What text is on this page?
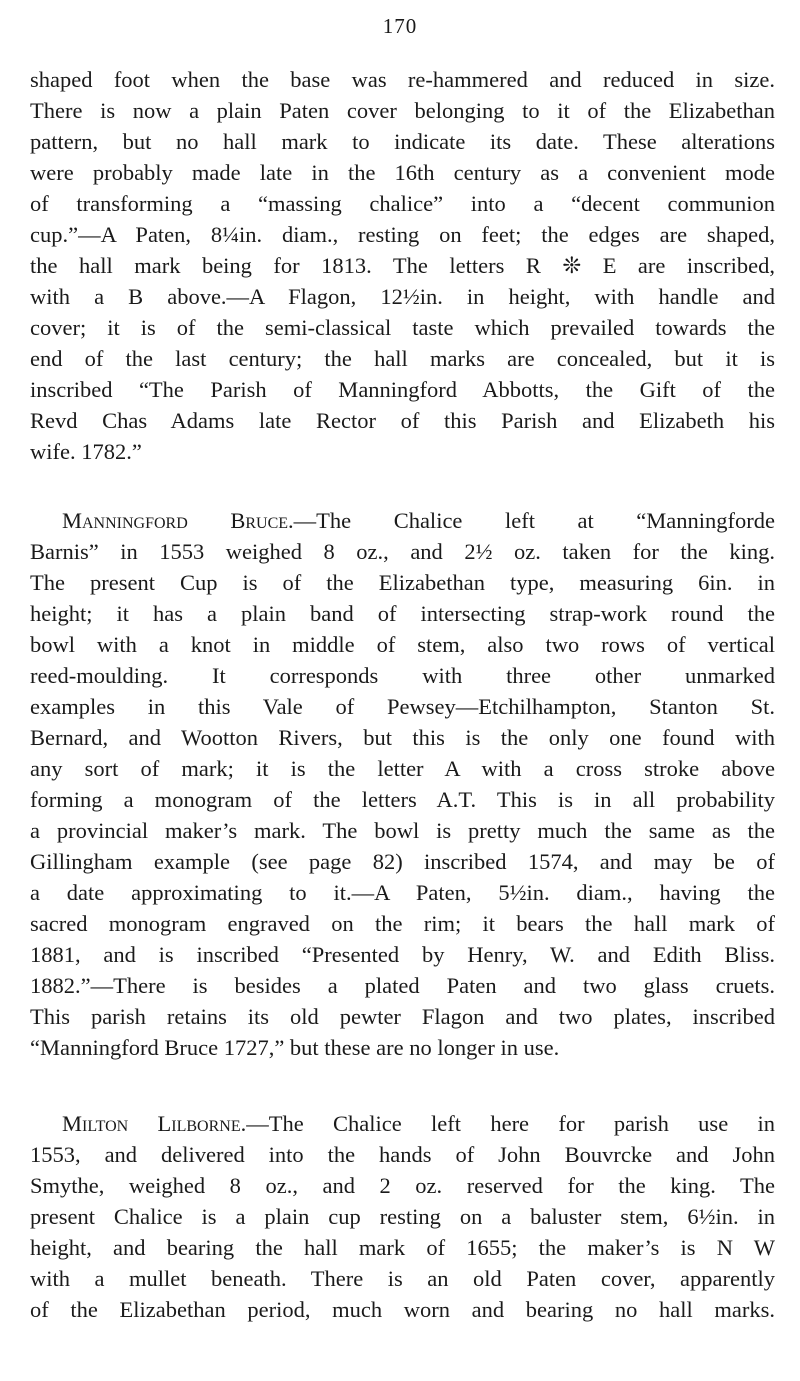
170
shaped foot when the base was re-hammered and reduced in size.
There is now a plain Paten cover belonging to it of the Elizabethan
pattern, but no hall mark to indicate its date. These alterations
were probably made late in the 16th century as a convenient mode
of transforming a “massing chalice” into a “decent communion
cup.”—A Paten, 8¼in. diam., resting on feet; the edges are shaped,
the hall mark being for 1813. The letters R ❊ E are inscribed,
with a B above.—A Flagon, 12½in. in height, with handle and
cover; it is of the semi-classical taste which prevailed towards the
end of the last century; the hall marks are concealed, but it is
inscribed “The Parish of Manningford Abbotts, the Gift of the
Revd Chas Adams late Rector of this Parish and Elizabeth his
wife. 1782.”
Manningford Bruce.—The Chalice left at “Manningforde
Barnis” in 1553 weighed 8 oz., and 2½ oz. taken for the king.
The present Cup is of the Elizabethan type, measuring 6in. in
height; it has a plain band of intersecting strap-work round the
bowl with a knot in middle of stem, also two rows of vertical
reed-moulding. It corresponds with three other unmarked
examples in this Vale of Pewsey—Etchilhampton, Stanton St.
Bernard, and Wootton Rivers, but this is the only one found with
any sort of mark; it is the letter A with a cross stroke above
forming a monogram of the letters A.T. This is in all probability
a provincial maker’s mark. The bowl is pretty much the same as the
Gillingham example (see page 82) inscribed 1574, and may be of
a date approximating to it.—A Paten, 5½in. diam., having the
sacred monogram engraved on the rim; it bears the hall mark of
1881, and is inscribed “Presented by Henry, W. and Edith Bliss.
1882.”—There is besides a plated Paten and two glass cruets.
This parish retains its old pewter Flagon and two plates, inscribed
“Manningford Bruce 1727,” but these are no longer in use.
Milton Lilborne.—The Chalice left here for parish use in
1553, and delivered into the hands of John Bouvrcke and John
Smythe, weighed 8 oz., and 2 oz. reserved for the king. The
present Chalice is a plain cup resting on a baluster stem, 6½in. in
height, and bearing the hall mark of 1655; the maker’s is N W
with a mullet beneath. There is an old Paten cover, apparently
of the Elizabethan period, much worn and bearing no hall marks.
